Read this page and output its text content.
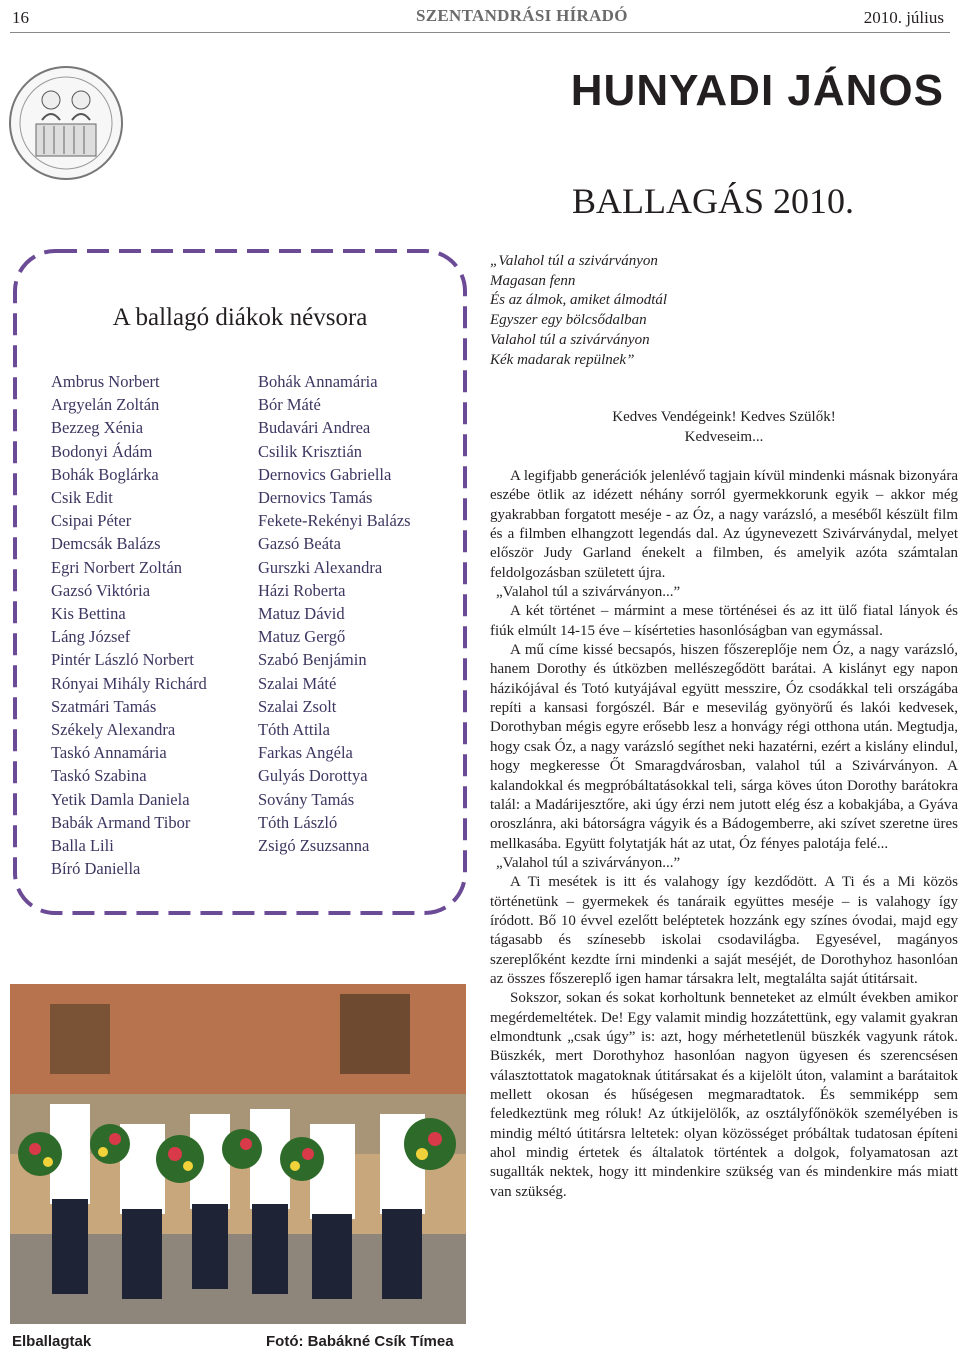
16	SZENTANDRÁSI HÍRADÓ	2010. július
HUNYADI JÁNOS
BALLAGÁS 2010.
A ballagó diákok névsora
Ambrus Norbert
Argyelán Zoltán
Bezzeg Xénia
Bodonyi Ádám
Bohák Boglárka
Csik Edit
Csipai Péter
Demcsák Balázs
Egri Norbert Zoltán
Gazsó Viktória
Kis Bettina
Láng József
Pintér László Norbert
Rónyai Mihály Richárd
Szatmári Tamás
Székely Alexandra
Taskó Annamária
Taskó Szabina
Yetik Damla Daniela
Babák Armand Tibor
Balla Lili
Bíró Daniella
Bohák Annamária
Bór Máté
Budavári Andrea
Csilik Krisztián
Dernovics Gabriella
Dernovics Tamás
Fekete-Rekényi Balázs
Gazsó Beáta
Gurszki Alexandra
Házi Roberta
Matuz Dávid
Matuz Gergő
Szabó Benjámin
Szalai Máté
Szalai Zsolt
Tóth Attila
Farkas Angéla
Gulyás Dorottya
Sovány Tamás
Tóth László
Zsigó Zsuzsanna
Elballagtak	Fotó: Babákné Csík Tímea
„Valahol túl a szivárványon
Magasan fenn
És az álmok, amiket álmodtál
Egyszer egy bölcsődalban
Valahol túl a szivárványon
Kék madarak repülnek”
Kedves Vendégeink! Kedves Szülők!
Kedveseim...

A legifjabb generációk jelenlévő tagjain kívül mindenki másnak bizonyára eszébe ötlik az idézett néhány sorról gyermekkorunk egyik – akkor még gyakrabban forgatott meséje - az Óz, a nagy varázsló, a meséből készült film és a filmben elhangzott legendás dal. Az úgynevezett Szivárványdal, melyet először Judy Garland énekelt a filmben, és amelyik azóta számtalan feldolgozásban született újra.

„Valahol túl a szivárványon...”

A két történet – mármint a mese történései és az itt ülő fiatal lányok és fiúk elmúlt 14-15 éve – kísérteties hasonlóságban van egymással.

A mű címe kissé becsapós, hiszen főszereplője nem Óz, a nagy varázsló, hanem Dorothy és útközben mellészegődött barátai. A kislányt egy napon házikójával és Totó kutyájával együtt messzire, Óz csodákkal teli országába repíti a kansasi forgószél. Bár e mesevilág gyönyörű és lakói kedvesek, Dorothyban mégis egyre erősebb lesz a honvágy régi otthona után. Megtudja, hogy csak Óz, a nagy varázsló segíthet neki hazatérni, ezért a kislány elindul, hogy megkeresse Őt Smaragdvárosban, valahol túl a Szivárványon. A kalandokkal és megpróbáltatásokkal teli, sárga köves úton Dorothy barátokra talál: a Madárijesztőre, aki úgy érzi nem jutott elég ész a kobakjába, a Gyáva oroszlánra, aki bátorságra vágyik és a Bádogemberre, aki szívet szeretne üres mellkasába. Együtt folytatják hát az utat, Óz fényes palotája felé...

„Valahol túl a szivárványon...”

A Ti mesétek is itt és valahogy így kezdődött. A Ti és a Mi közös történetünk – gyermekek és tanáraik együttes meséje – is valahogy így íródott. Bő 10 évvel ezelőtt beléptetek hozzánk egy színes óvodai, majd egy tágasabb és színesebb iskolai csodavilágba. Egyesével, magányos szereplőként kezdte írni mindenki a saját meséjét, de Dorothyhoz hasonlóan az összes főszereplő igen hamar társakra lelt, megtalálta saját útitársait.

Sokszor, sokan és sokat korholtunk benneteket az elmúlt években amikor megérdemeltétek. De! Egy valamit mindig hozzátettünk, egy valamit gyakran elmondtunk „csak úgy” is: azt, hogy mérhetetlenül büszkék vagyunk rátok. Büszkék, mert Dorothyhoz hasonlóan nagyon ügyesen és szerencsésen választottatok magatoknak útitársakat és a kijelölt úton, valamint a barátaitok mellett okosan és hűségesen megmaradtatok. És semmiképp sem feledkeztünk meg róluk! Az útkijelölők, az osztályfőnökök személyében is mindig méltó útitársra leltetek: olyan közösséget próbáltak tudatosan építeni ahol mindig értetek és általatok történtek a dolgok, folyamatosan azt sugallták nektek, hogy itt mindenkire szükség van és mindenkire más miatt van szükség.
